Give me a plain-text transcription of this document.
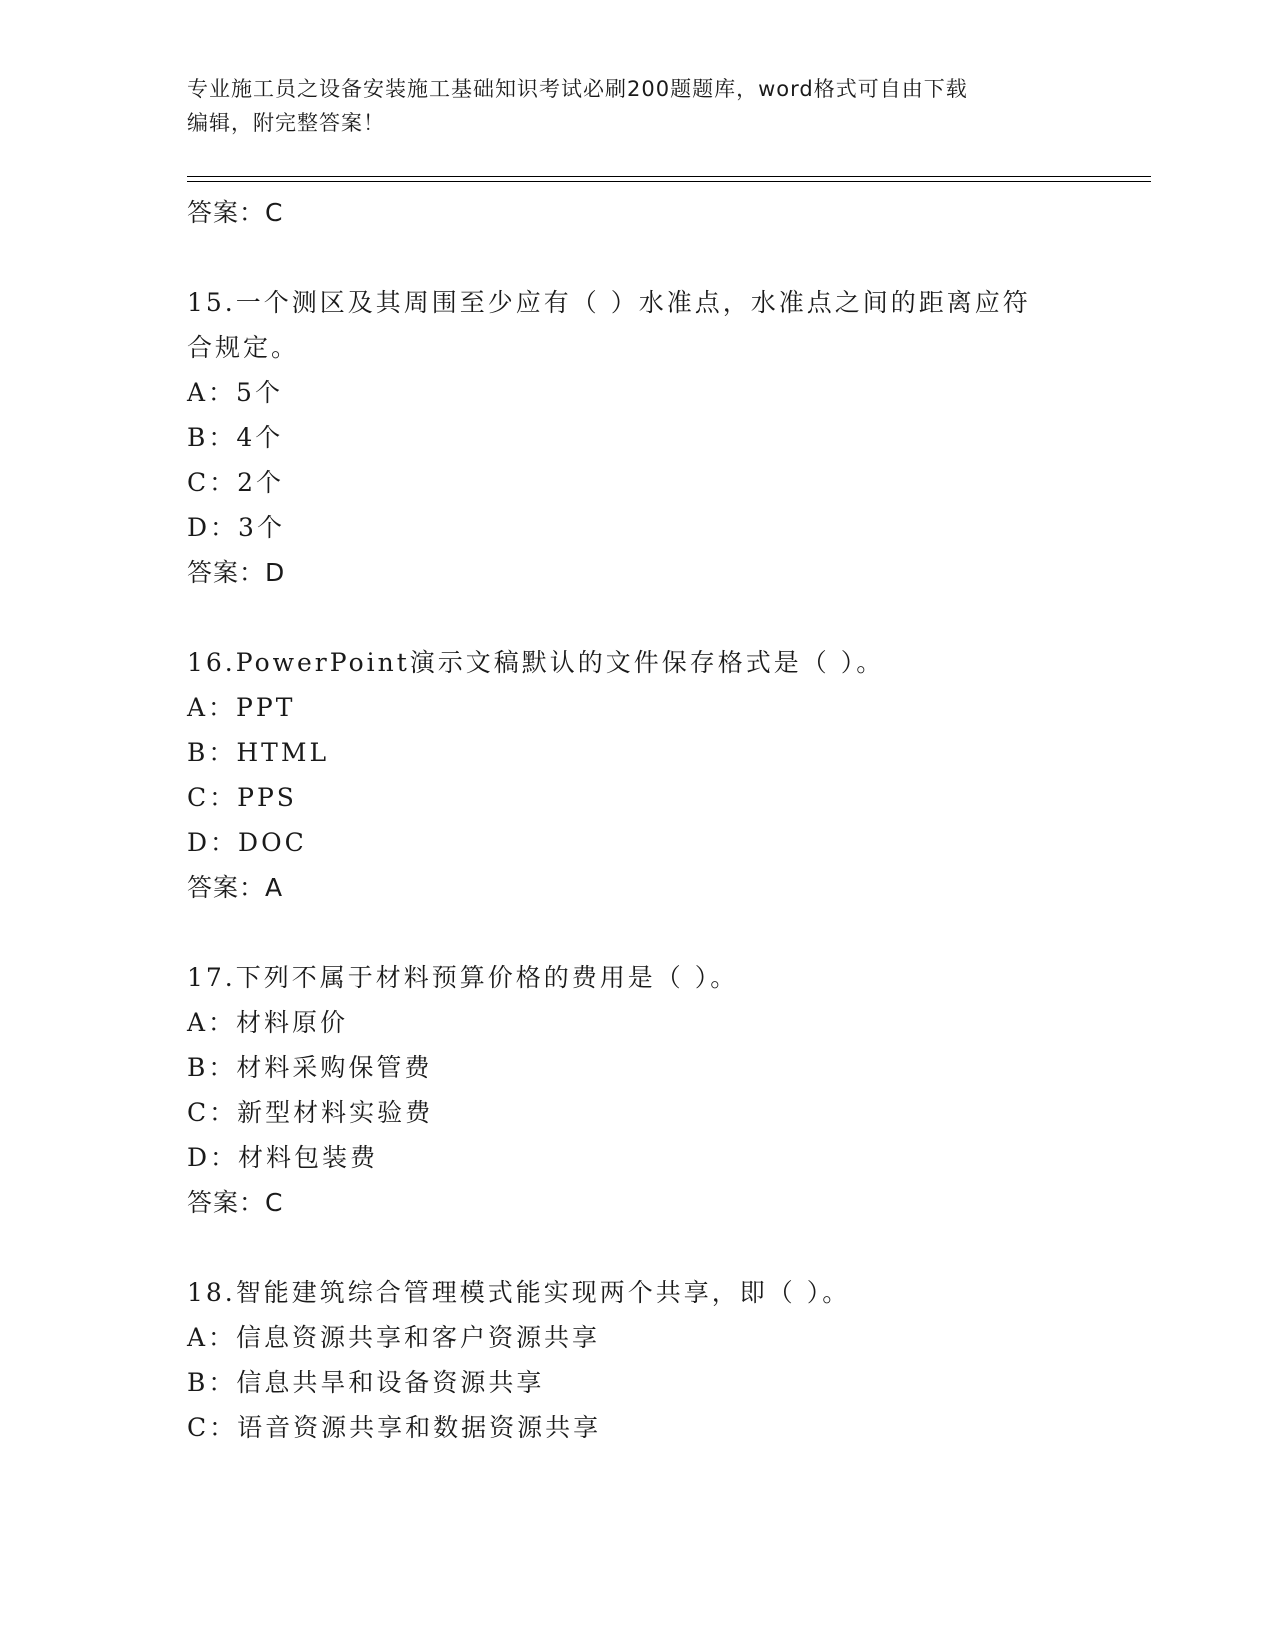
专业施工员之设备安装施工基础知识考试必刷200题题库，word格式可自由下载
编辑，附完整答案！
答案：C
15.一个测区及其周围至少应有（ ）水准点，水准点之间的距离应符
合规定。
A：5个
B：4个
C：2个
D：3个
答案：D
16.PowerPoint演示文稿默认的文件保存格式是（ ）。
A：PPT
B：HTML
C：PPS
D：DOC
答案：A
17.下列不属于材料预算价格的费用是（ ）。
A：材料原价
B：材料采购保管费
C：新型材料实验费
D：材料包装费
答案：C
18.智能建筑综合管理模式能实现两个共享，即（ ）。
A：信息资源共享和客户资源共享
B：信息共旱和设备资源共享
C：语音资源共享和数据资源共享
